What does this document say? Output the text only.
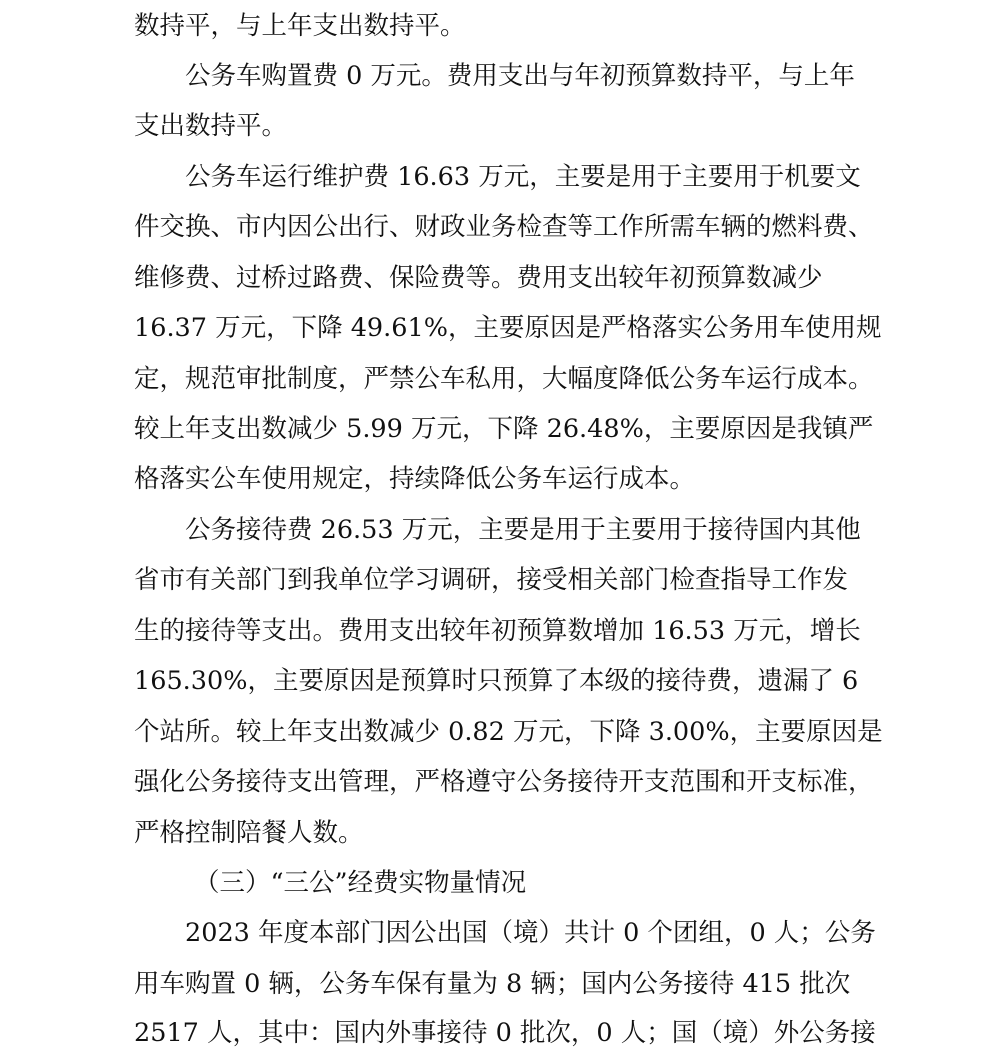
数持平，与上年支出数持平。
公务车购置费 0 万元。费用支出与年初预算数持平，与上年
支出数持平。
公务车运行维护费 16.63 万元，主要是用于主要用于机要文
件交换、市内因公出行、财政业务检查等工作所需车辆的燃料费、
维修费、过桥过路费、保险费等。费用支出较年初预算数减少
16.37 万元，下降 49.61%，主要原因是严格落实公务用车使用规
定，规范审批制度，严禁公车私用，大幅度降低公务车运行成本。
较上年支出数减少 5.99 万元，下降 26.48%，主要原因是我镇严
格落实公车使用规定，持续降低公务车运行成本。
公务接待费 26.53 万元，主要是用于主要用于接待国内其他
省市有关部门到我单位学习调研，接受相关部门检查指导工作发
生的接待等支出。费用支出较年初预算数增加 16.53 万元，增长
165.30%，主要原因是预算时只预算了本级的接待费，遗漏了 6
个站所。较上年支出数减少 0.82 万元，下降 3.00%，主要原因是
强化公务接待支出管理，严格遵守公务接待开支范围和开支标准，
严格控制陪餐人数。
（三）“三公”经费实物量情况
2023 年度本部门因公出国（境）共计 0 个团组，0 人；公务
用车购置 0 辆，公务车保有量为 8 辆；国内公务接待 415 批次
2517 人，其中：国内外事接待 0 批次，0 人；国（境）外公务接
